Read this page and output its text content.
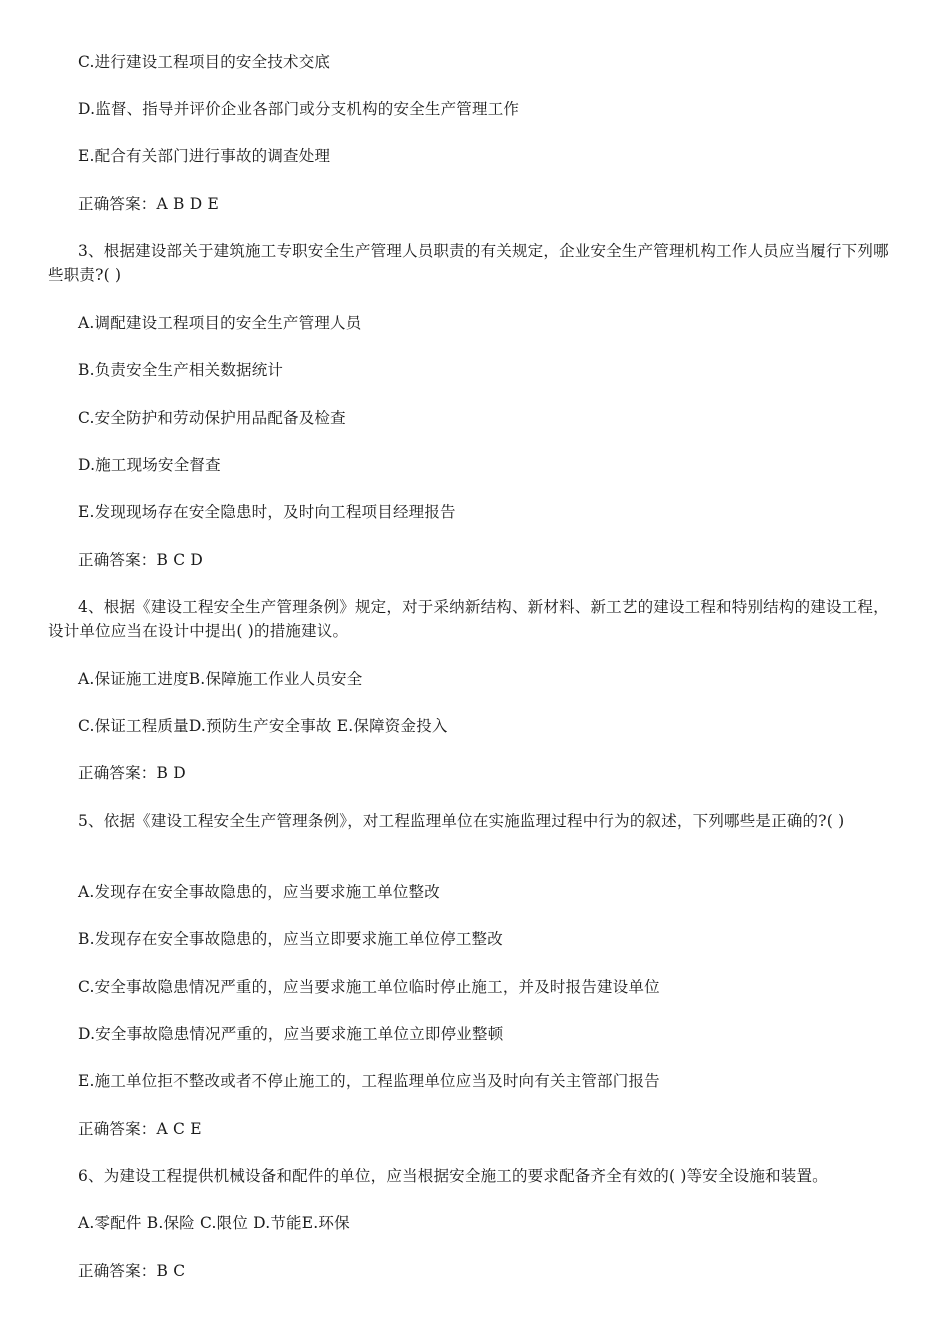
C.进行建设工程项目的安全技术交底
D.监督、指导并评价企业各部门或分支机构的安全生产管理工作
E.配合有关部门进行事故的调查处理
正确答案：A B D E
3、根据建设部关于建筑施工专职安全生产管理人员职责的有关规定，企业安全生产管理机构工作人员应当履行下列哪些职责?( )
A.调配建设工程项目的安全生产管理人员
B.负责安全生产相关数据统计
C.安全防护和劳动保护用品配备及检查
D.施工现场安全督查
E.发现现场存在安全隐患时，及时向工程项目经理报告
正确答案：B C D
4、根据《建设工程安全生产管理条例》规定，对于采纳新结构、新材料、新工艺的建设工程和特别结构的建设工程，设计单位应当在设计中提出( )的措施建议。
A.保证施工进度B.保障施工作业人员安全
C.保证工程质量D.预防生产安全事故 E.保障资金投入
正确答案：B D
5、依据《建设工程安全生产管理条例》，对工程监理单位在实施监理过程中行为的叙述，下列哪些是正确的?( )
A.发现存在安全事故隐患的，应当要求施工单位整改
B.发现存在安全事故隐患的，应当立即要求施工单位停工整改
C.安全事故隐患情况严重的，应当要求施工单位临时停止施工，并及时报告建设单位
D.安全事故隐患情况严重的，应当要求施工单位立即停业整顿
E.施工单位拒不整改或者不停止施工的，工程监理单位应当及时向有关主管部门报告
正确答案：A C E
6、为建设工程提供机械设备和配件的单位，应当根据安全施工的要求配备齐全有效的( )等安全设施和装置。
A.零配件 B.保险 C.限位 D.节能E.环保
正确答案：B C
